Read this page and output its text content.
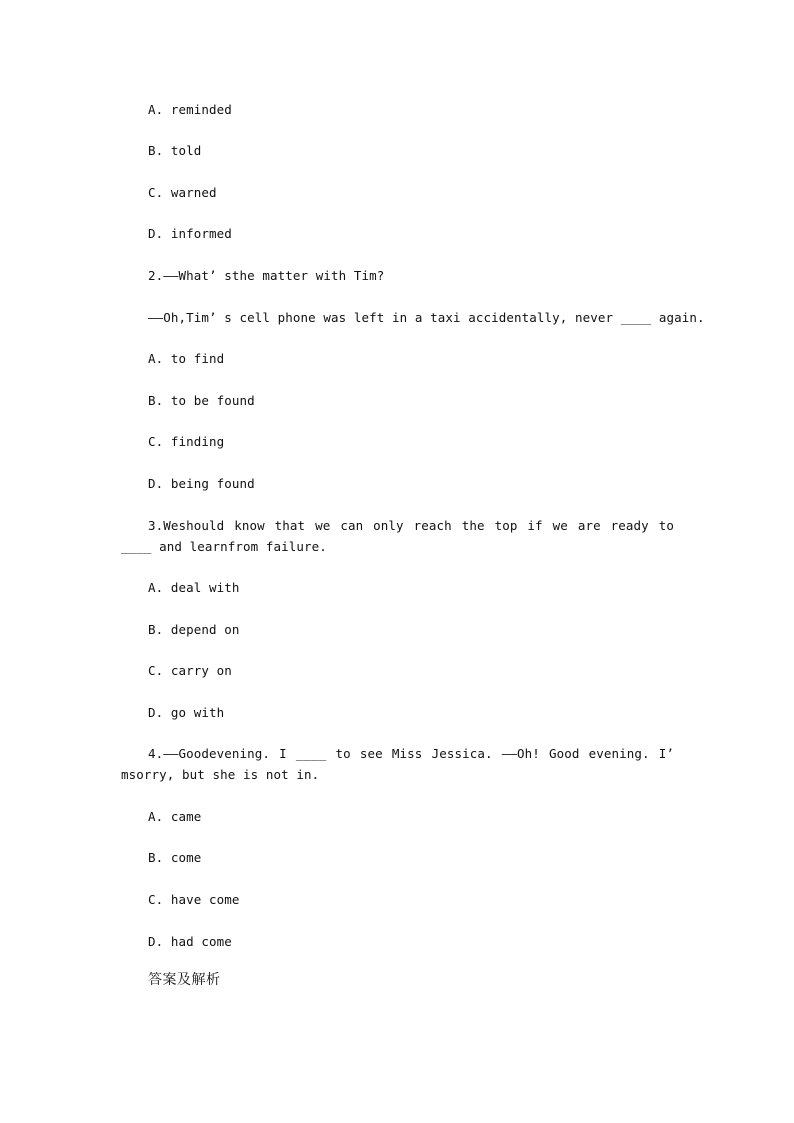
A. reminded
B. told
C. warned
D. informed
2.——What’ sthe matter with Tim?
——Oh,Tim’ s cell phone was left in a taxi accidentally, never ____ again.
A. to find
B. to be found
C. finding
D. being found
3.Weshould know that we can only reach the top if we are ready to ____ and learnfrom failure.
A. deal with
B. depend on
C. carry on
D. go with
4.——Goodevening. I ____ to see Miss Jessica. ——Oh! Good evening. I’ msorry, but she is not in.
A. came
B. come
C. have come
D. had come
答案及解析
